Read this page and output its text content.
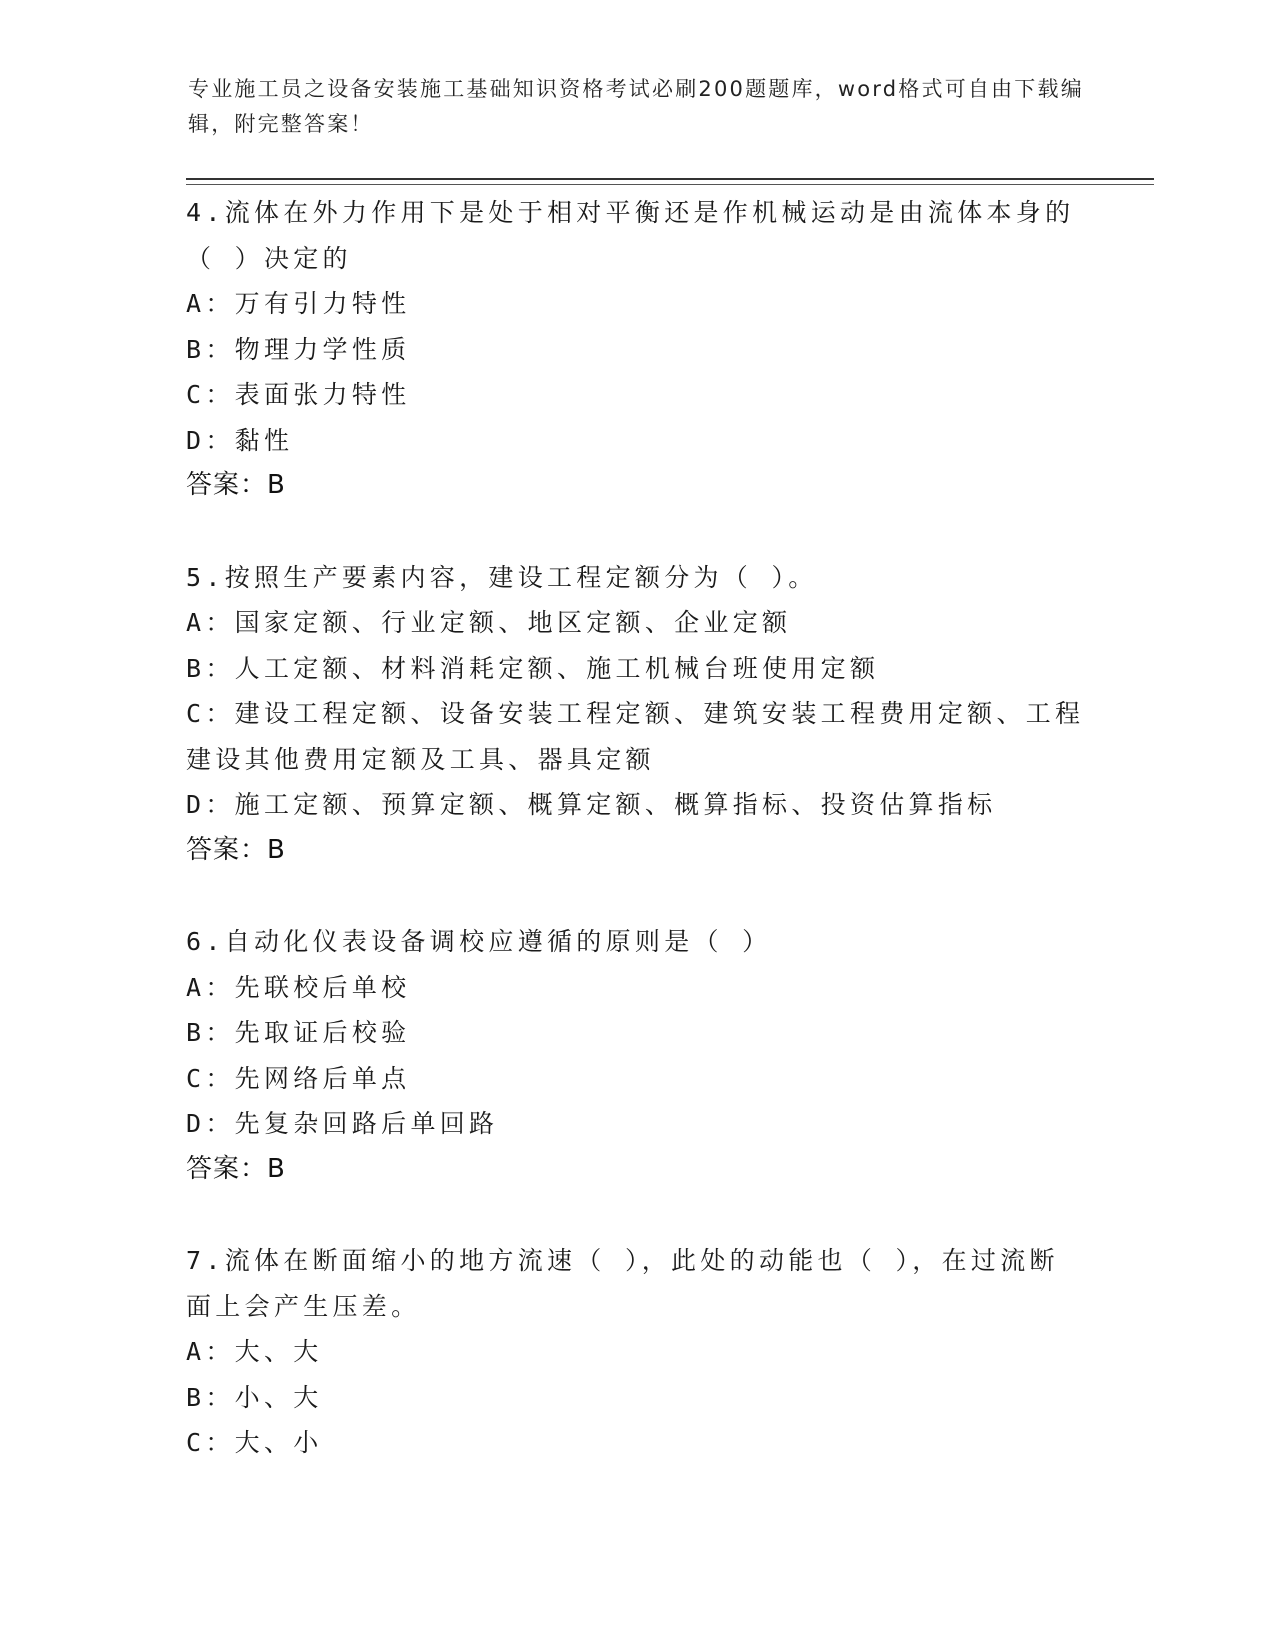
专业施工员之设备安装施工基础知识资格考试必刷200题题库，word格式可自由下载编辑，附完整答案！
4.流体在外力作用下是处于相对平衡还是作机械运动是由流体本身的（ ）决定的
A：万有引力特性
B：物理力学性质
C：表面张力特性
D：黏性
答案：B
5.按照生产要素内容，建设工程定额分为（ ）。
A：国家定额、行业定额、地区定额、企业定额
B：人工定额、材料消耗定额、施工机械台班使用定额
C：建设工程定额、设备安装工程定额、建筑安装工程费用定额、工程建设其他费用定额及工具、器具定额
D：施工定额、预算定额、概算定额、概算指标、投资估算指标
答案：B
6.自动化仪表设备调校应遵循的原则是（ ）
A：先联校后单校
B：先取证后校验
C：先网络后单点
D：先复杂回路后单回路
答案：B
7.流体在断面缩小的地方流速（ ），此处的动能也（ ），在过流断面上会产生压差。
A：大、大
B：小、大
C：大、小
